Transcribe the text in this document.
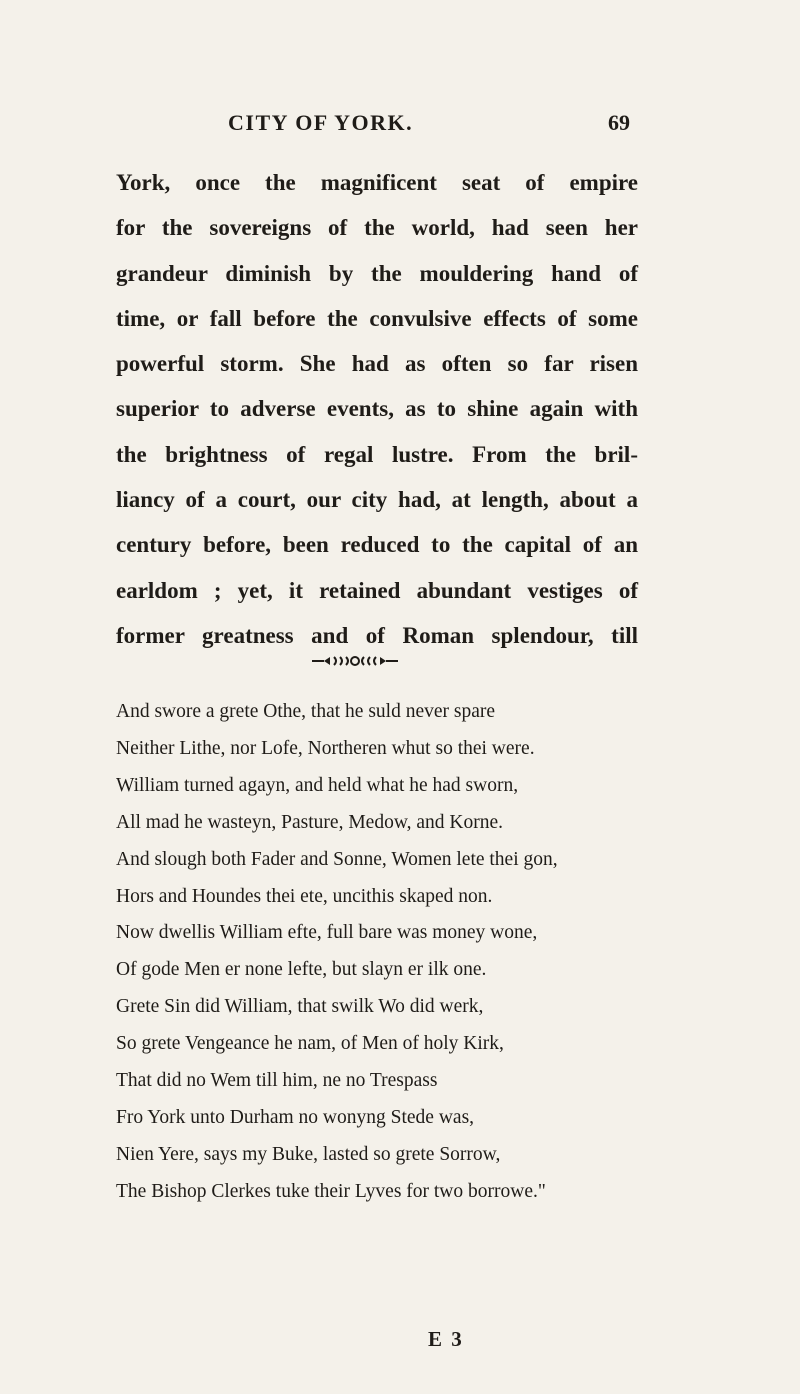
CITY OF YORK.	69
York, once the magnificent seat of empire
for the sovereigns of the world, had seen her
grandeur diminish by the mouldering hand of
time, or fall before the convulsive effects of some
powerful storm. She had as often so far risen
superior to adverse events, as to shine again with
the brightness of regal lustre. From the bril-
liancy of a court, our city had, at length, about a
century before, been reduced to the capital of an
earldom ; yet, it retained abundant vestiges of
former greatness and of Roman splendour, till
And swore a grete Othe, that he suld never spare
Neither Lithe, nor Lofe, Northeren whut so thei were.
William turned agayn, and held what he had sworn,
All mad he wasteyn, Pasture, Medow, and Korne.
And slough both Fader and Sonne, Women lete thei gon,
Hors and Houndes thei ete, uncithis skaped non.
Now dwellis William efte, full bare was money wone,
Of gode Men er none lefte, but slayn er ilk one.
Grete Sin did William, that swilk Wo did werk,
So grete Vengeance he nam, of Men of holy Kirk,
That did no Wem till him, ne no Trespass
Fro York unto Durham no wonyng Stede was,
Nien Yere, says my Buke, lasted so grete Sorrow,
The Bishop Clerkes tuke their Lyves for two borrowe."
E 3
